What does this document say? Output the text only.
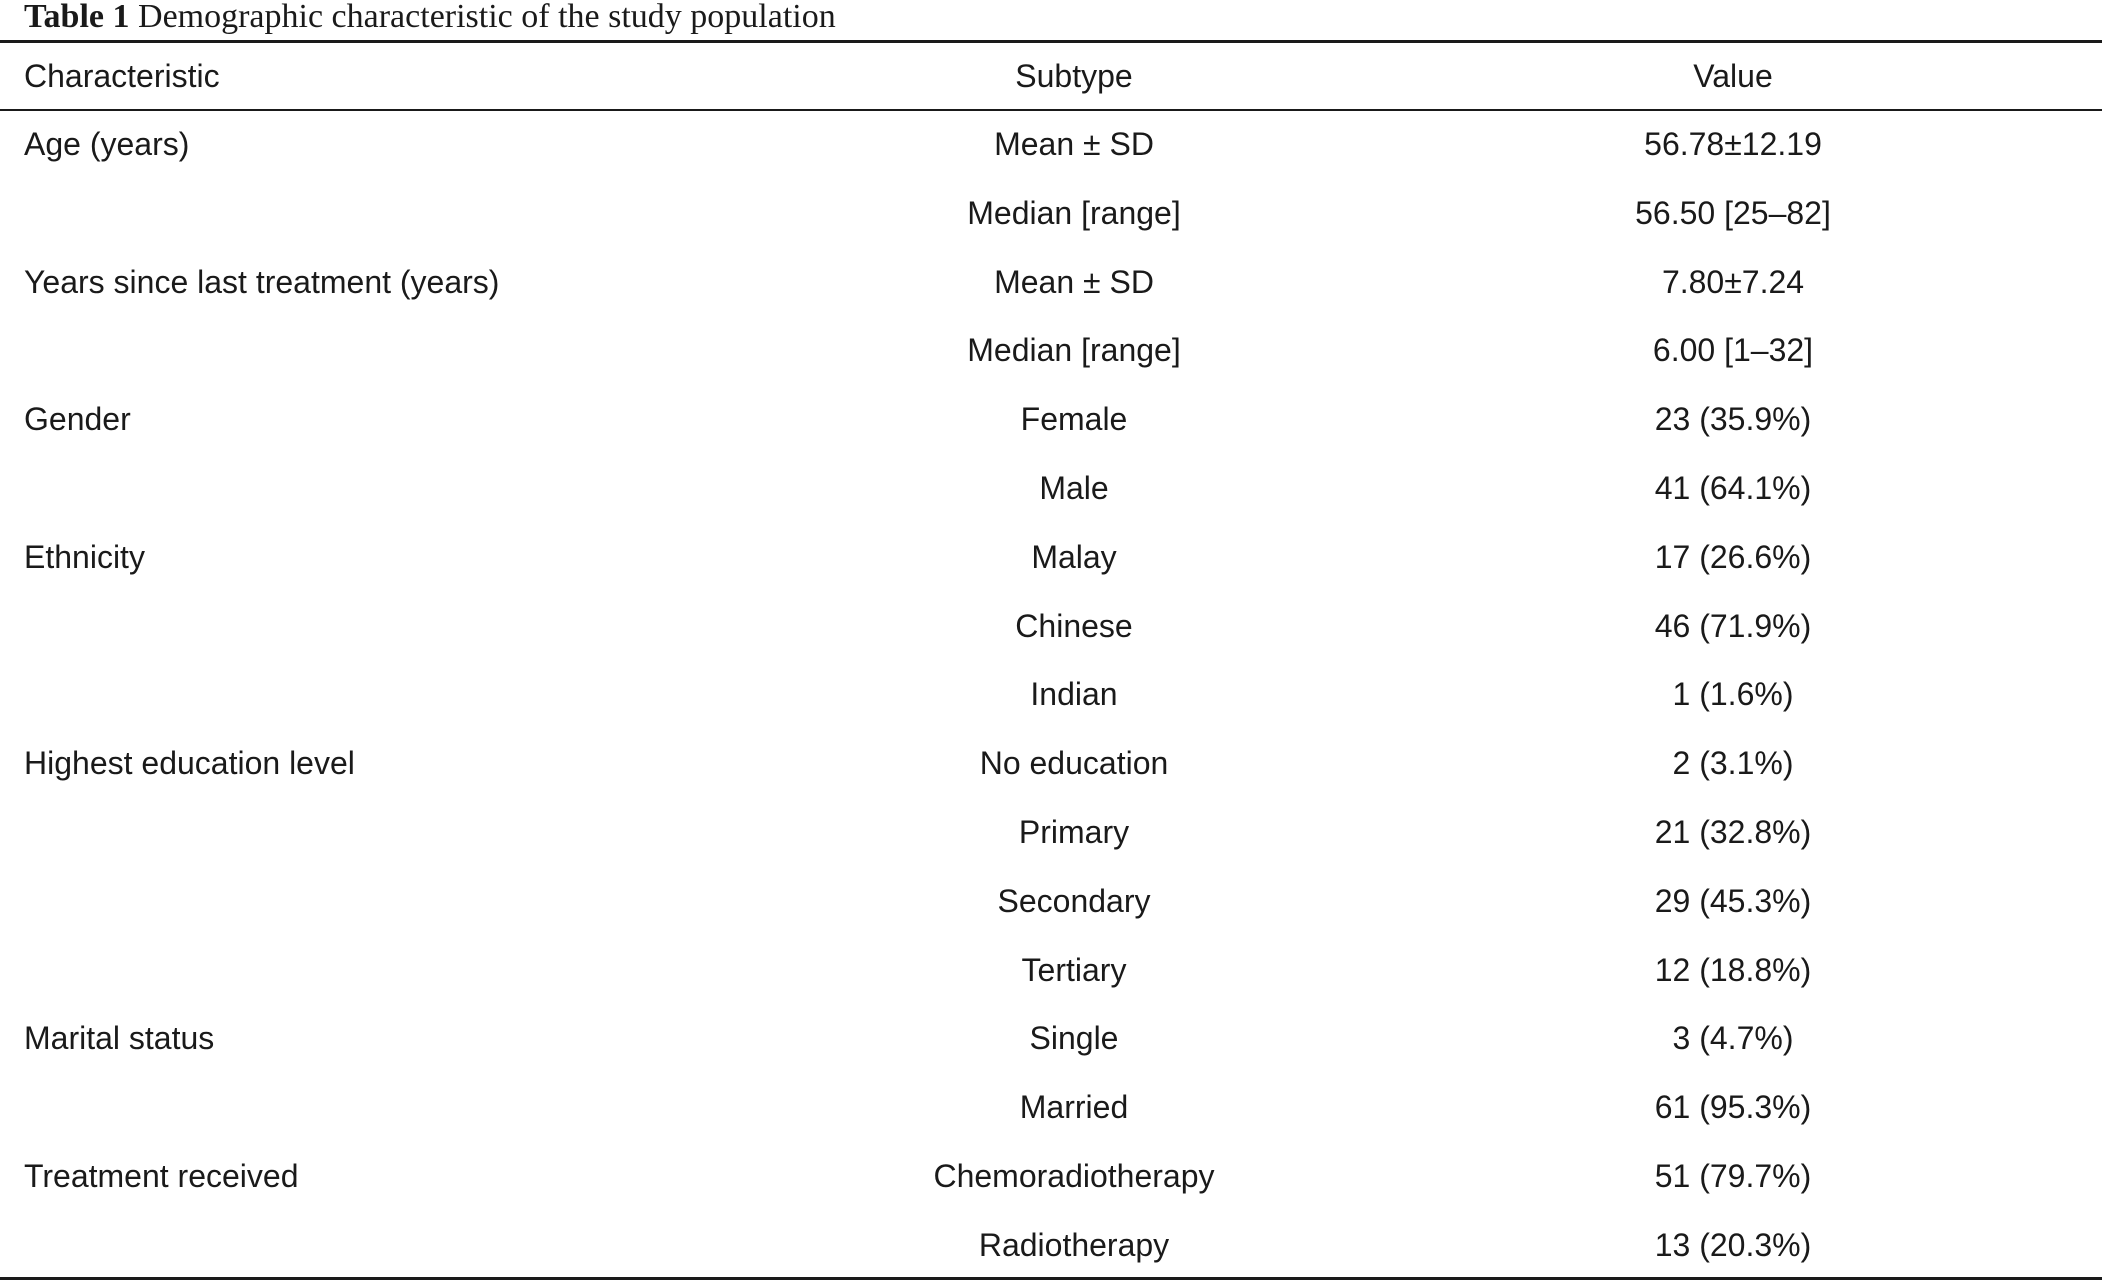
Table 1 Demographic characteristic of the study population
Characteristic	Subtype	Value
Age (years)	Mean ± SD	56.78±12.19
	Median [range]	56.50 [25–82]
Years since last treatment (years)	Mean ± SD	7.80±7.24
	Median [range]	6.00 [1–32]
Gender	Female	23 (35.9%)
	Male	41 (64.1%)
Ethnicity	Malay	17 (26.6%)
	Chinese	46 (71.9%)
	Indian	1 (1.6%)
Highest education level	No education	2 (3.1%)
	Primary	21 (32.8%)
	Secondary	29 (45.3%)
	Tertiary	12 (18.8%)
Marital status	Single	3 (4.7%)
	Married	61 (95.3%)
Treatment received	Chemoradiotherapy	51 (79.7%)
	Radiotherapy	13 (20.3%)
